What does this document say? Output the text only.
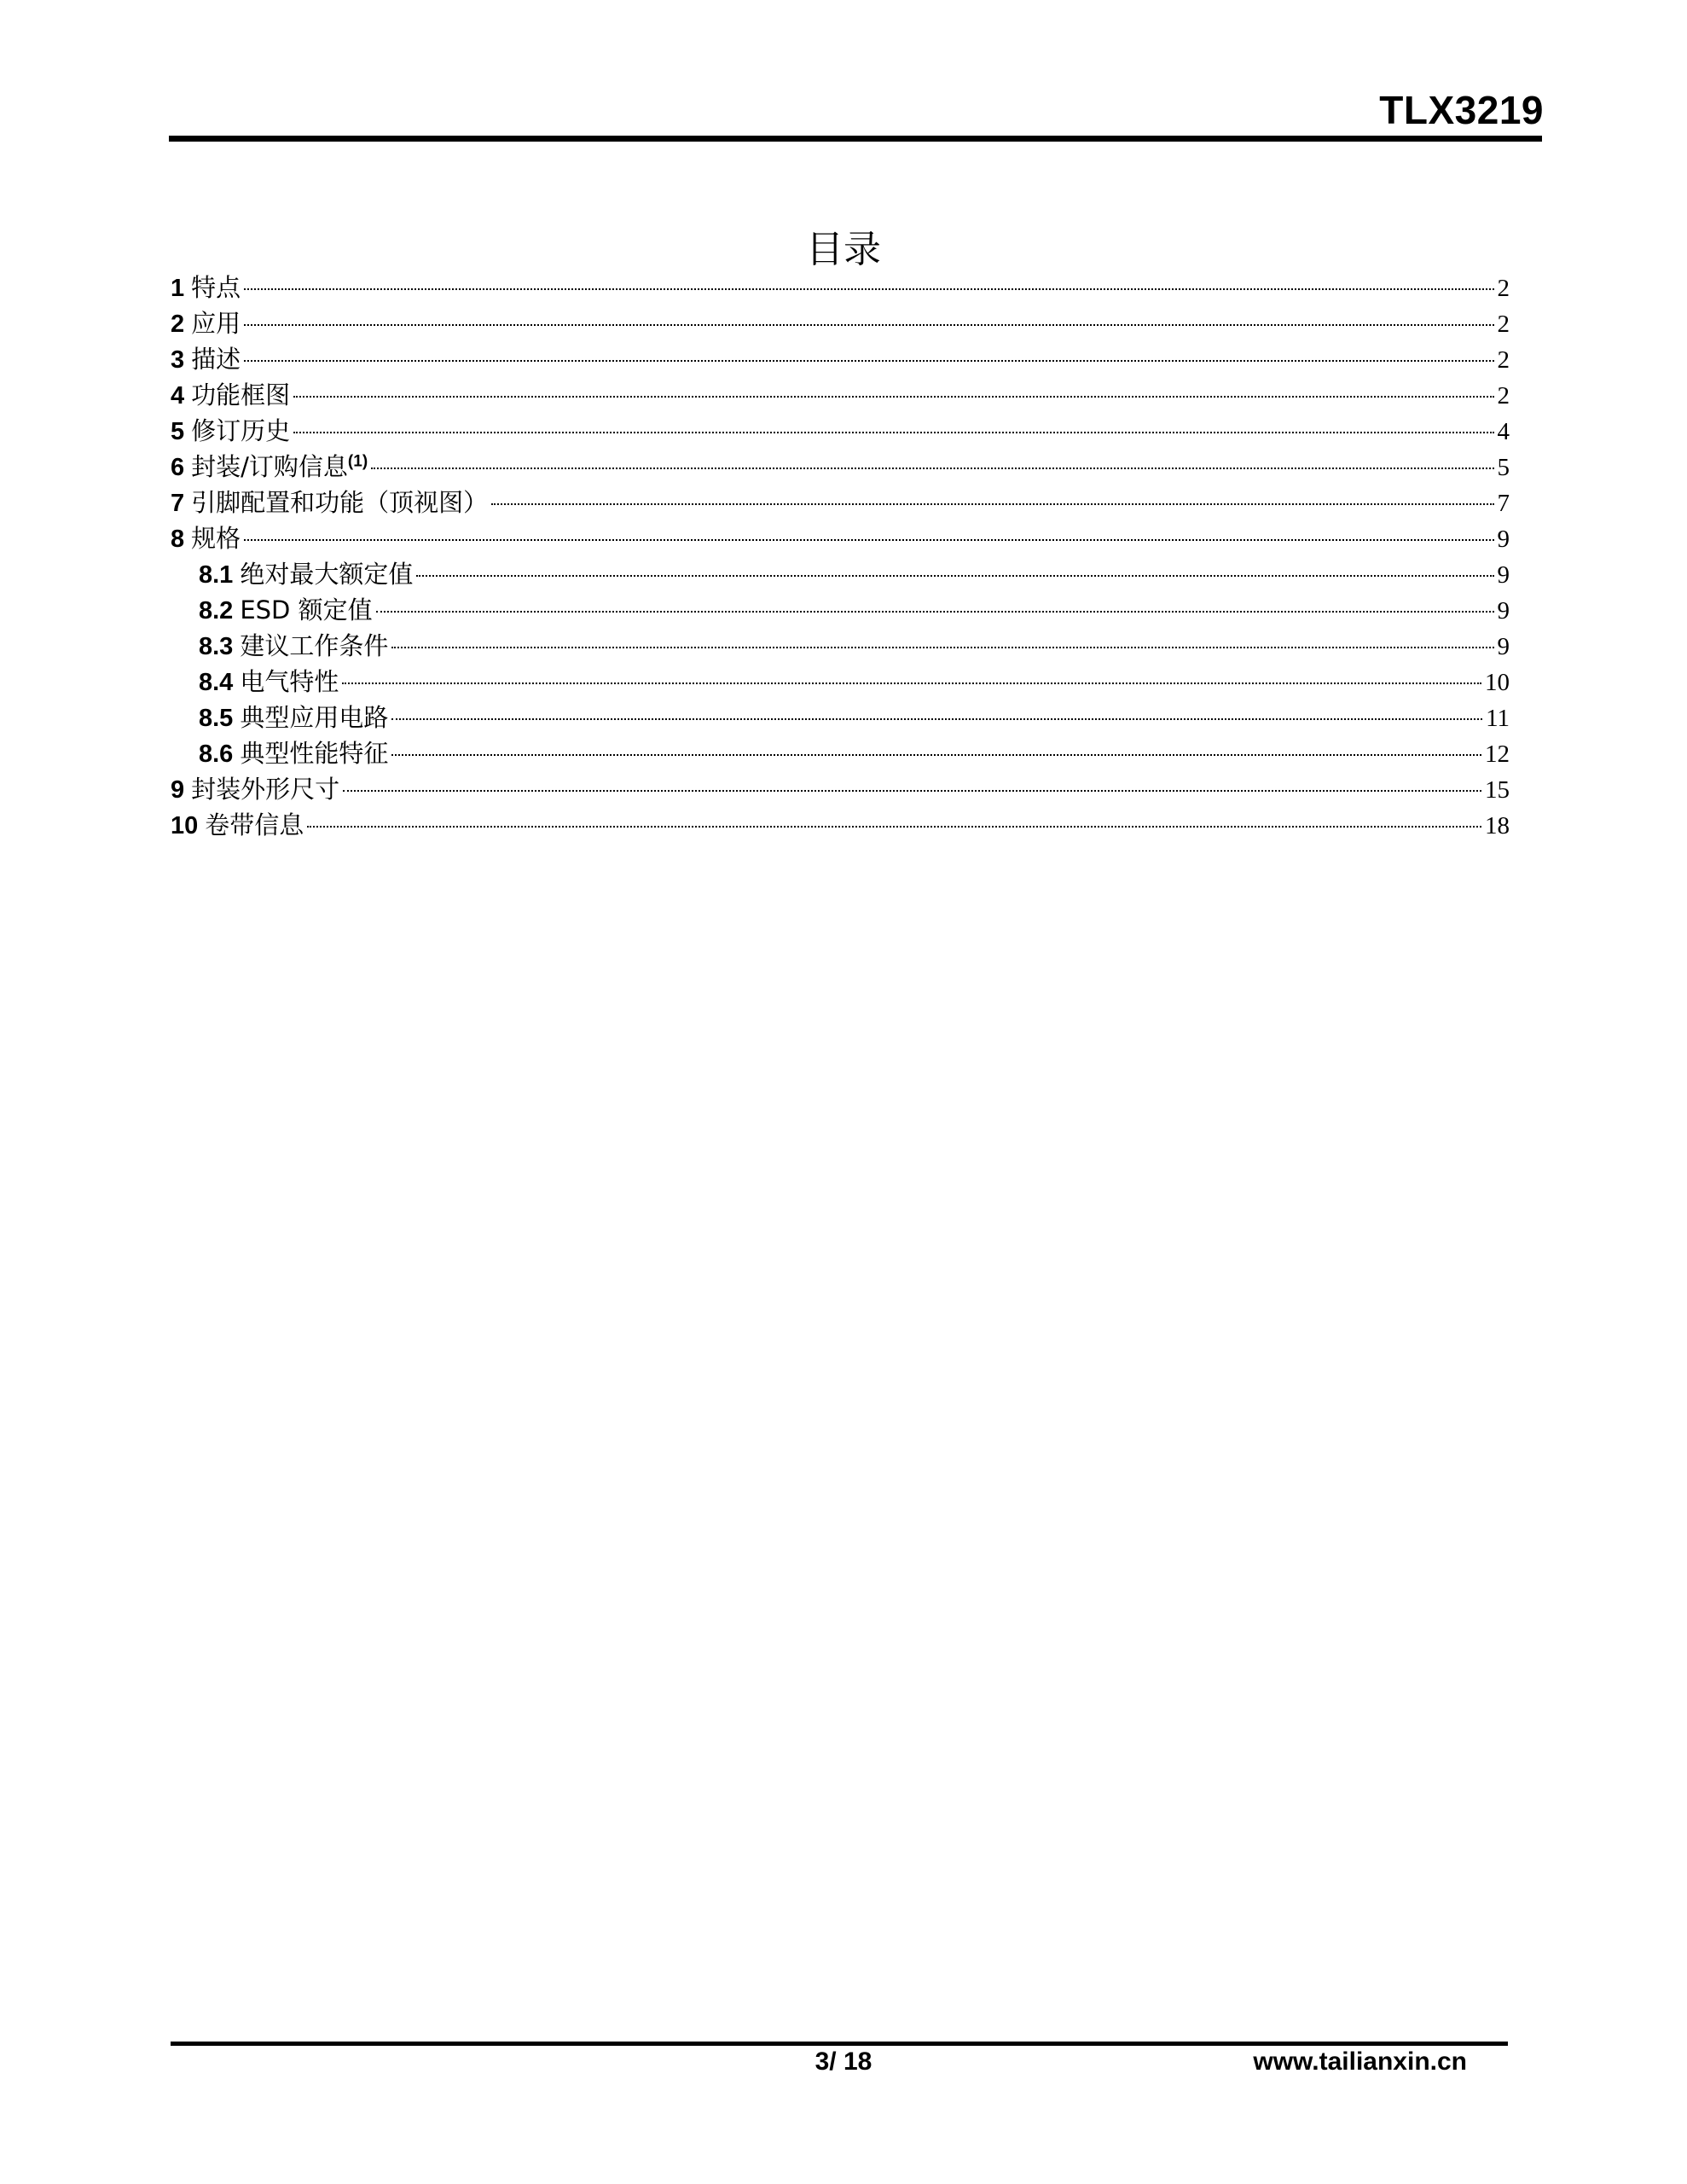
TLX3219
目录
1 特点	2
2 应用	2
3 描述	2
4 功能框图	2
5 修订历史	4
6 封装/订购信息$^{(1)}$	5
7 引脚配置和功能（顶视图）	7
8 规格	9
8.1 绝对最大额定值	9
8.2 ESD 额定值	9
8.3 建议工作条件	9
8.4 电气特性	10
8.5 典型应用电路	11
8.6 典型性能特征	12
9 封装外形尺寸	15
10 卷带信息	18
3/ 18	www.tailianxin.cn
